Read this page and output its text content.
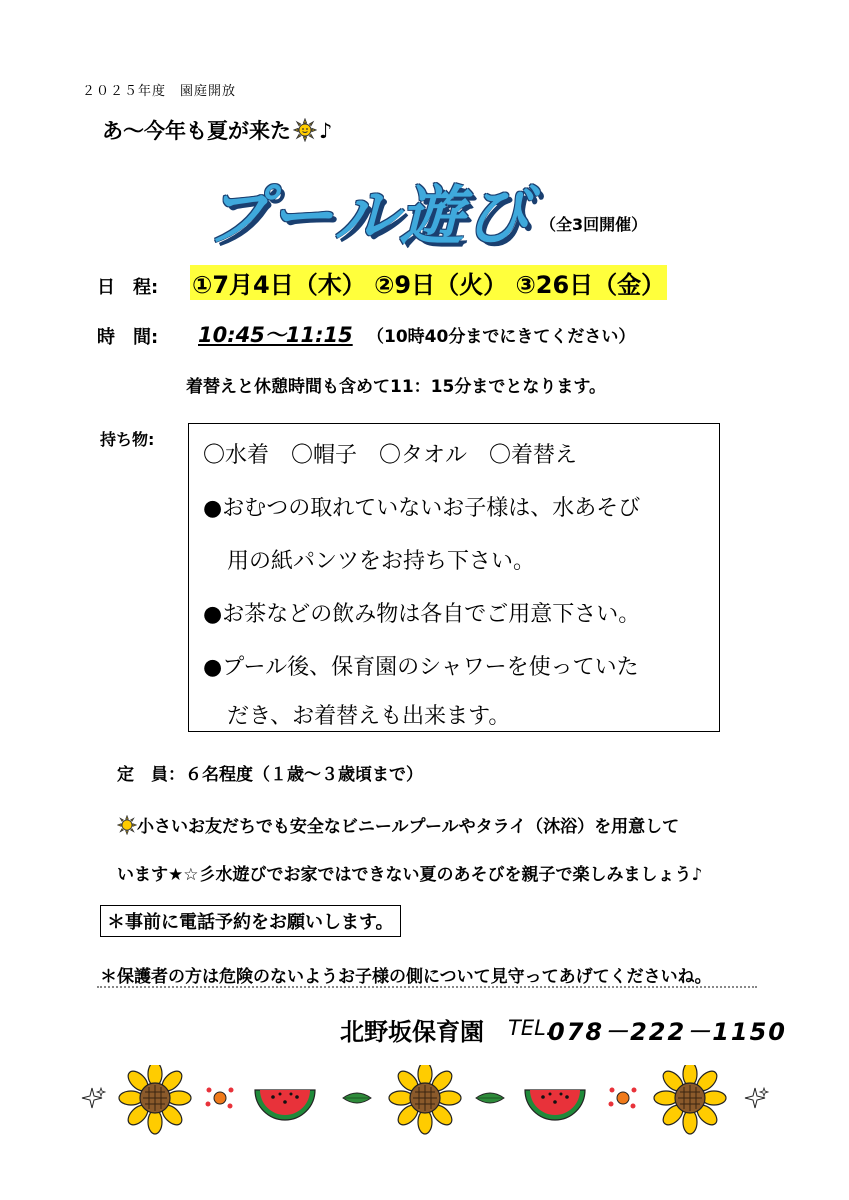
２０２５年度　園庭開放
あ～今年も夏が来た ♪
プール遊び （全3回開催）
日　程: ①7月4日（木） ②9日（火） ③26日（金）
時　間: 10:45～11:15 （10時40分までにきてください）
着替えと休憩時間も含めて11：15分までとなります。
持ち物:
〇水着　〇帽子　〇タオル　〇着替え
●おむつの取れていないお子様は、水あそび
用の紙パンツをお持ち下さい。
●お茶などの飲み物は各自でご用意下さい。
●プール後、保育園のシャワーを使っていた
だき、お着替えも出来ます。
定　員：６名程度（１歳～３歳頃まで）
小さいお友だちでも安全なビニールプールやタライ（沐浴）を用意して
います★☆彡水遊びでお家ではできない夏のあそびを親子で楽しみましょう♪
＊事前に電話予約をお願いします。
＊保護者の方は危険のないようお子様の側について見守ってあげてくださいね。
北野坂保育園 TEL.
078－222－1150
